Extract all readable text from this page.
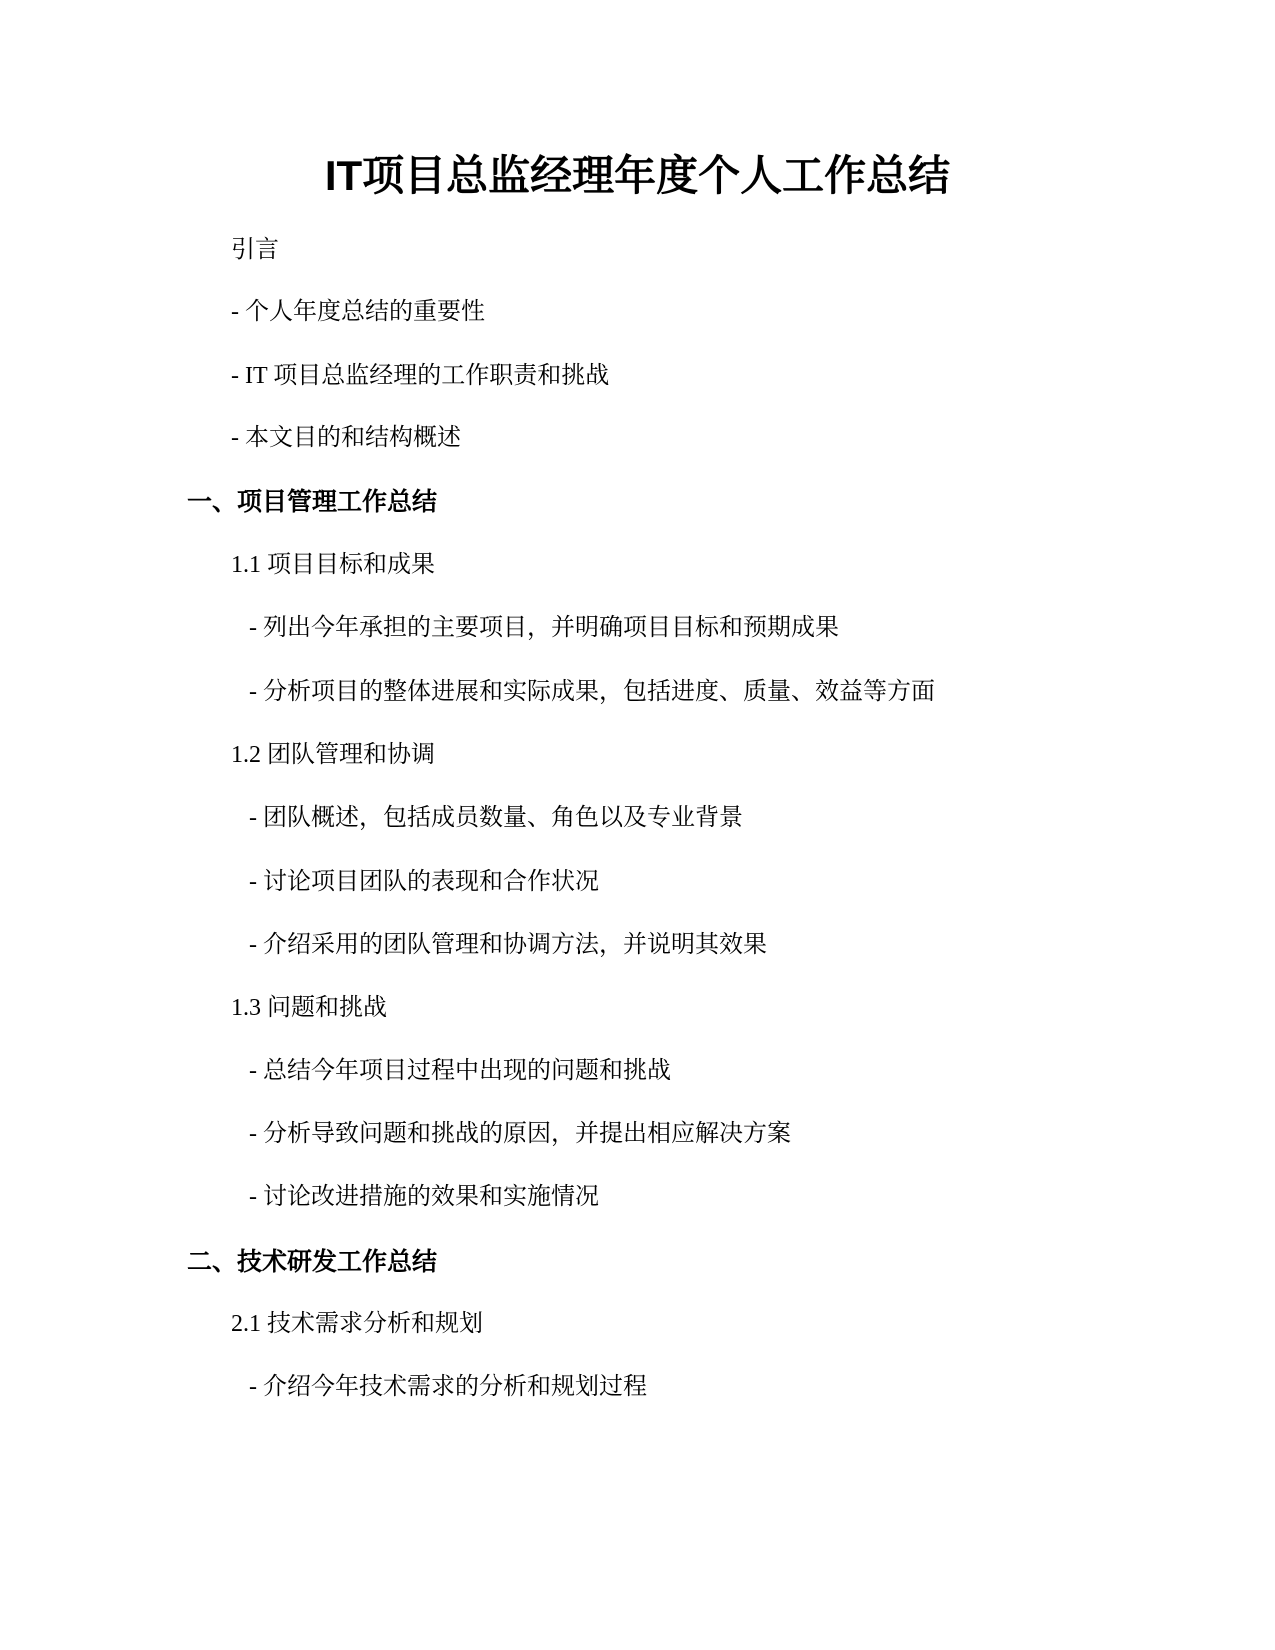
IT项目总监经理年度个人工作总结
引言
- 个人年度总结的重要性
- IT 项目总监经理的工作职责和挑战
- 本文目的和结构概述
一、项目管理工作总结
1.1 项目目标和成果
- 列出今年承担的主要项目，并明确项目目标和预期成果
- 分析项目的整体进展和实际成果，包括进度、质量、效益等方面
1.2 团队管理和协调
- 团队概述，包括成员数量、角色以及专业背景
- 讨论项目团队的表现和合作状况
- 介绍采用的团队管理和协调方法，并说明其效果
1.3 问题和挑战
- 总结今年项目过程中出现的问题和挑战
- 分析导致问题和挑战的原因，并提出相应解决方案
- 讨论改进措施的效果和实施情况
二、技术研发工作总结
2.1 技术需求分析和规划
- 介绍今年技术需求的分析和规划过程
